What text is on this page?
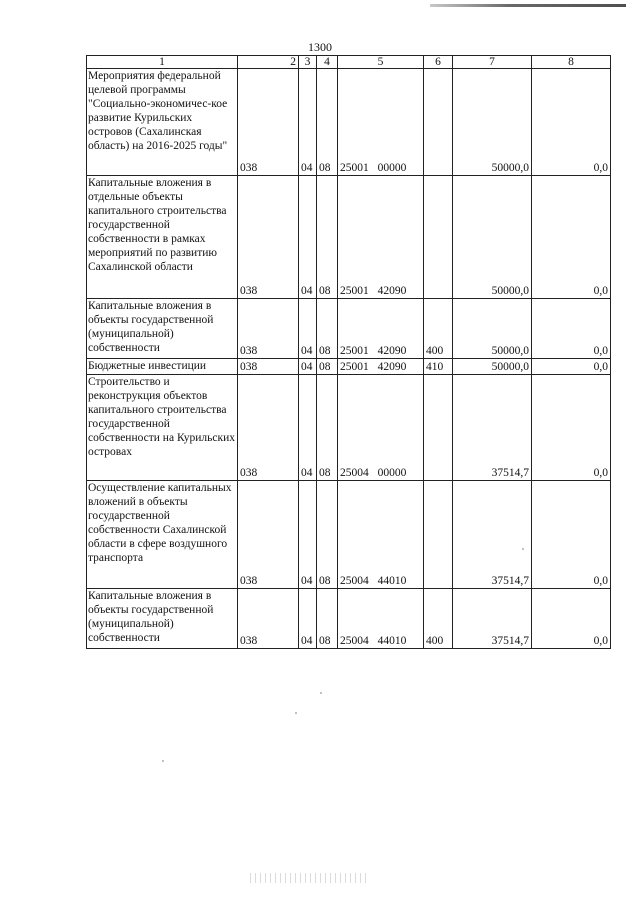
1300
1	2	3	4	5	6	7	8
Мероприятия федеральной целевой программы "Социально-экономичес-кое развитие Курильских островов (Сахалинская область) на 2016-2025 годы"	038	04	08	25001 00000		50000,0	0,0
Капитальные вложения в отдельные объекты капитального строительства государственной собственности в рамках мероприятий по развитию Сахалинской области	038	04	08	25001 42090		50000,0	0,0
Капитальные вложения в объекты государственной (муниципальной) собственности	038	04	08	25001 42090	400	50000,0	0,0
Бюджетные инвестиции	038	04	08	25001 42090	410	50000,0	0,0
Строительство и реконструкция объектов капитального строительства государственной собственности на Курильских островах	038	04	08	25004 00000		37514,7	0,0
Осуществление капитальных вложений в объекты государственной собственности Сахалинской области в сфере воздушного транспорта	038	04	08	25004 44010		37514,7	0,0
Капитальные вложения в объекты государственной (муниципальной) собственности	038	04	08	25004 44010	400	37514,7	0,0
